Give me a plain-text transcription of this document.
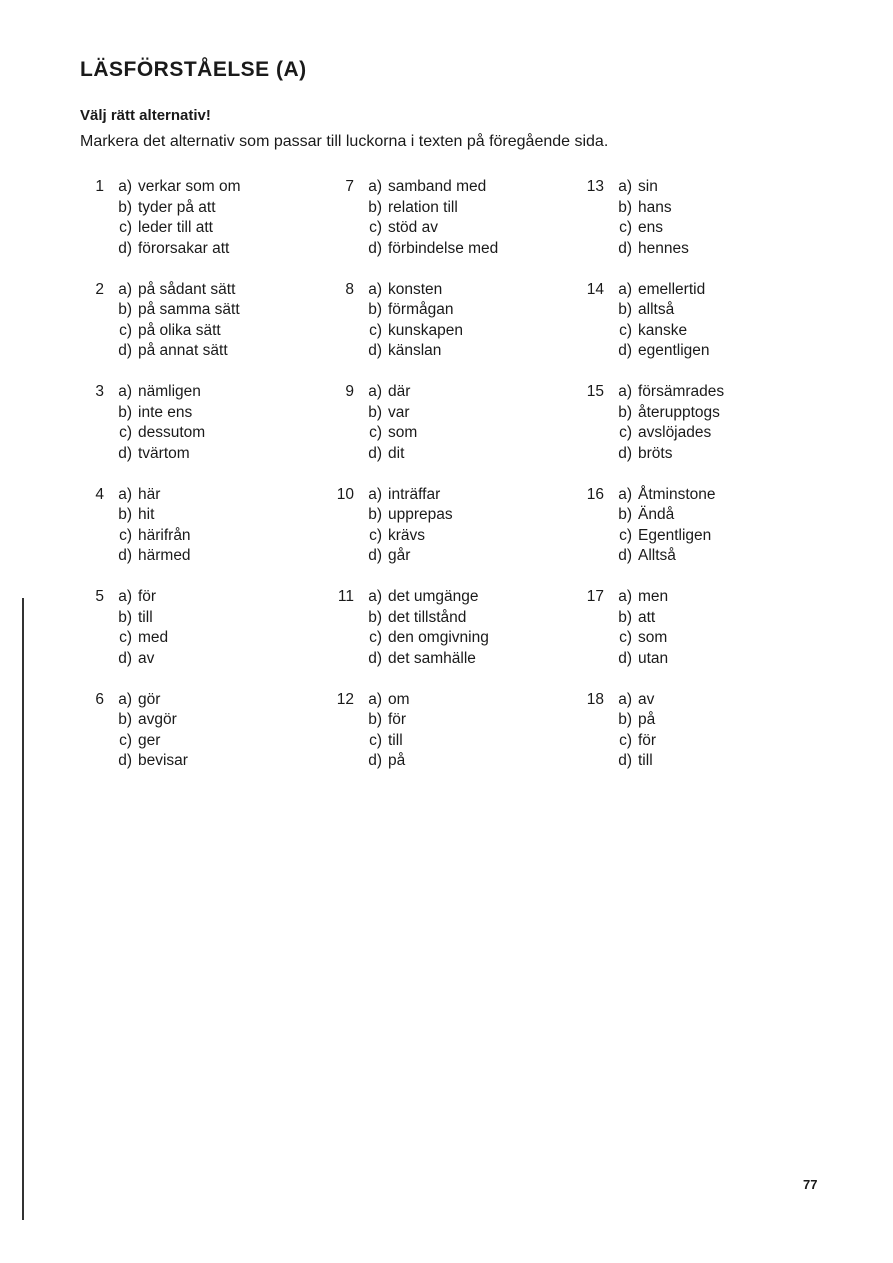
LÄSFÖRSTÅELSE (A)

Välj rätt alternativ!

Markera det alternativ som passar till luckorna i texten på föregående sida.

1 a) verkar som om
b) tyder på att
c) leder till att
d) förorsakar att
2 a) på sådant sätt
b) på samma sätt
c) på olika sätt
d) på annat sätt
3 a) nämligen
b) inte ens
c) dessutom
d) tvärtom
4 a) här
b) hit
c) härifrån
d) härmed
5 a) för
b) till
c) med
d) av
6 a) gör
b) avgör
c) ger
d) bevisar
7 a) samband med
b) relation till
c) stöd av
d) förbindelse med
8 a) konsten
b) förmågan
c) kunskapen
d) känslan
9 a) där
b) var
c) som
d) dit
10 a) inträffar
b) upprepas
c) krävs
d) går
11 a) det umgänge
b) det tillstånd
c) den omgivning
d) det samhälle
12 a) om
b) för
c) till
d) på
13 a) sin
b) hans
c) ens
d) hennes
14 a) emellertid
b) alltså
c) kanske
d) egentligen
15 a) försämrades
b) återupptogs
c) avslöjades
d) bröts
16 a) Åtminstone
b) Ändå
c) Egentligen
d) Alltså
17 a) men
b) att
c) som
d) utan
18 a) av
b) på
c) för
d) till
77
